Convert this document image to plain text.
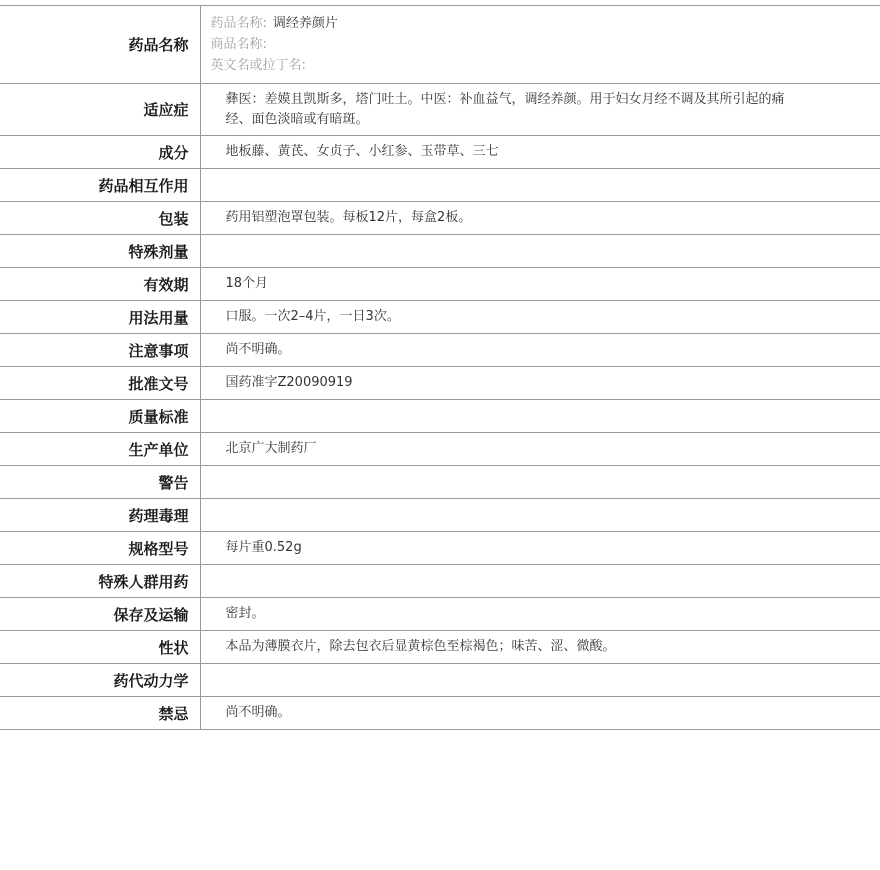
药品名称	药品名称: 调经养颜片
商品名称:
英文名或拉丁名:

适应症	彝医：差嫫且凯斯多，塔门吐土。中医：补血益气，调经养颜。用于妇女月经不调及其所引起的痛经、面色淡暗或有暗斑。

成分	地板藤、黄芪、女贞子、小红参、玉带草、三七
药品相互作用	
包装	药用铝塑泡罩包装。每板12片，每盒2板。
特殊剂量	
有效期	18个月
用法用量	口服。一次2–4片，一日3次。
注意事项	尚不明确。
批准文号	国药准字Z20090919
质量标准	
生产单位	北京广大制药厂
警告	
药理毒理	
规格型号	每片重0.52g
特殊人群用药	
保存及运输	密封。
性状	本品为薄膜衣片，除去包衣后显黄棕色至棕褐色；味苦、涩、微酸。
药代动力学	
禁忌	尚不明确。
